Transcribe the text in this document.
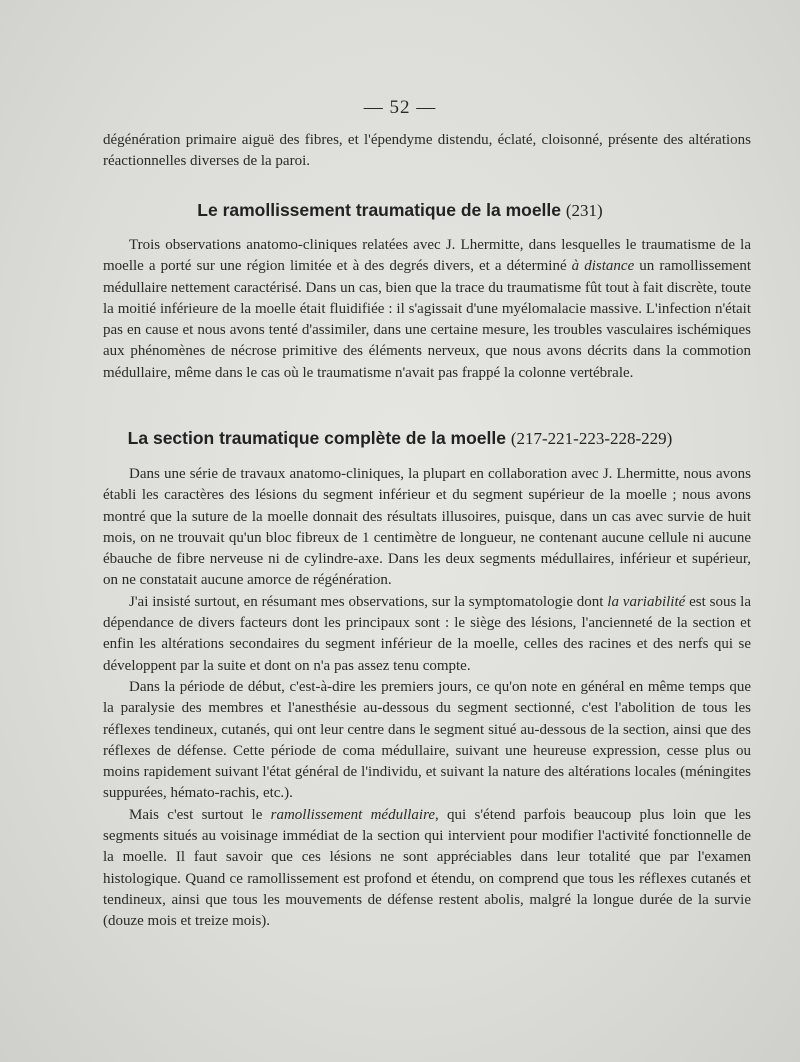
— 52 —

dégénération primaire aiguë des fibres, et l'épendyme distendu, éclaté, cloisonné, présente des altérations réactionnelles diverses de la paroi.

Le ramollissement traumatique de la moelle (231)

Trois observations anatomo-cliniques relatées avec J. Lhermitte, dans lesquelles le traumatisme de la moelle a porté sur une région limitée et à des degrés divers, et a déterminé à distance un ramollissement médullaire nettement caractérisé. Dans un cas, bien que la trace du traumatisme fût tout à fait discrète, toute la moitié inférieure de la moelle était fluidifiée : il s'agissait d'une myélomalacie massive. L'infection n'était pas en cause et nous avons tenté d'assimiler, dans une certaine mesure, les troubles vasculaires ischémiques aux phénomènes de nécrose primitive des éléments nerveux, que nous avons décrits dans la commotion médullaire, même dans le cas où le traumatisme n'avait pas frappé la colonne vertébrale.

La section traumatique complète de la moelle (217-221-223-228-229)

Dans une série de travaux anatomo-cliniques, la plupart en collaboration avec J. Lhermitte, nous avons établi les caractères des lésions du segment inférieur et du segment supérieur de la moelle ; nous avons montré que la suture de la moelle donnait des résultats illusoires, puisque, dans un cas avec survie de huit mois, on ne trouvait qu'un bloc fibreux de 1 centimètre de longueur, ne contenant aucune cellule ni aucune ébauche de fibre nerveuse ni de cylindre-axe. Dans les deux segments médullaires, inférieur et supérieur, on ne constatait aucune amorce de régénération.

J'ai insisté surtout, en résumant mes observations, sur la symptomatologie dont la variabilité est sous la dépendance de divers facteurs dont les principaux sont : le siège des lésions, l'ancienneté de la section et enfin les altérations secondaires du segment inférieur de la moelle, celles des racines et des nerfs qui se développent par la suite et dont on n'a pas assez tenu compte.

Dans la période de début, c'est-à-dire les premiers jours, ce qu'on note en général en même temps que la paralysie des membres et l'anesthésie au-dessous du segment sectionné, c'est l'abolition de tous les réflexes tendineux, cutanés, qui ont leur centre dans le segment situé au-dessous de la section, ainsi que des réflexes de défense. Cette période de coma médullaire, suivant une heureuse expression, cesse plus ou moins rapidement suivant l'état général de l'individu, et suivant la nature des altérations locales (méningites suppurées, hémato-rachis, etc.).

Mais c'est surtout le ramollissement médullaire, qui s'étend parfois beaucoup plus loin que les segments situés au voisinage immédiat de la section qui intervient pour modifier l'activité fonctionnelle de la moelle. Il faut savoir que ces lésions ne sont appréciables dans leur totalité que par l'examen histologique. Quand ce ramollissement est profond et étendu, on comprend que tous les réflexes cutanés et tendineux, ainsi que tous les mouvements de défense restent abolis, malgré la longue durée de la survie (douze mois et treize mois).
